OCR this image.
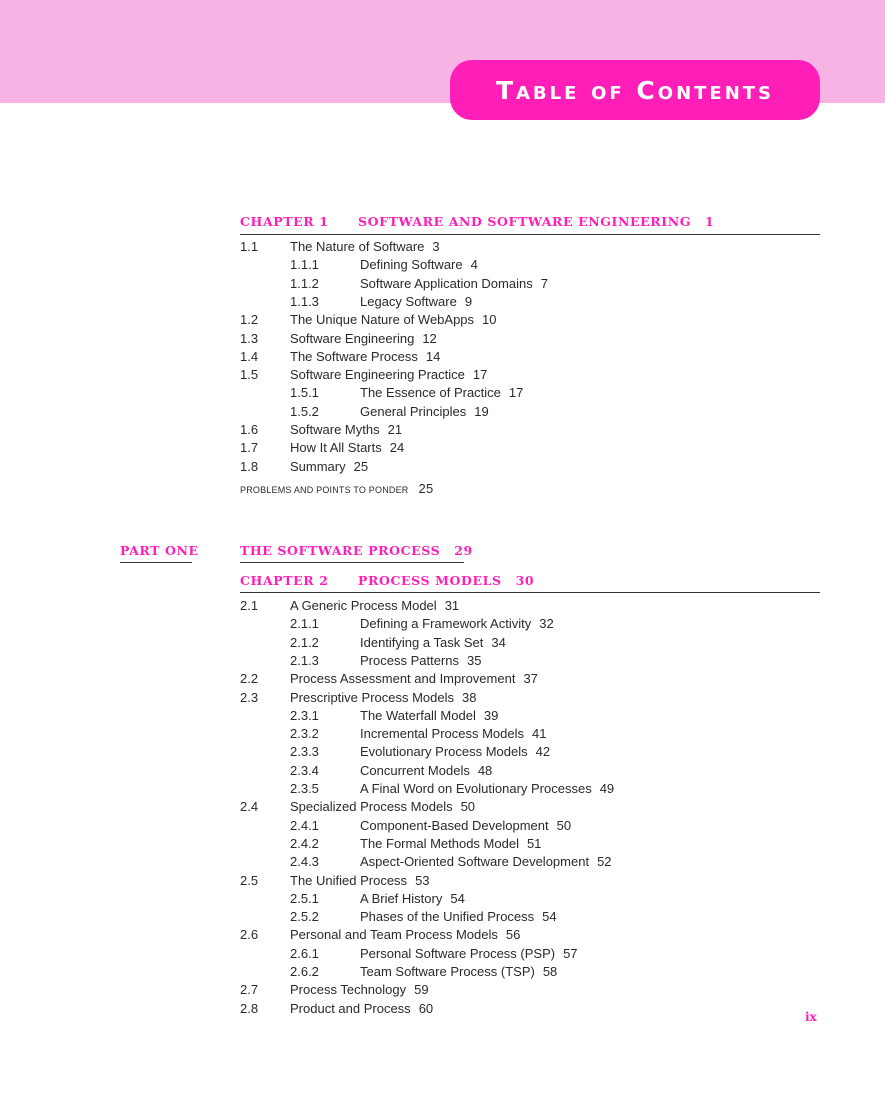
Table of Contents
CHAPTER 1 SOFTWARE AND SOFTWARE ENGINEERING 1
1.1 The Nature of Software 3
1.1.1	Defining Software 4
1.1.2	Software Application Domains 7
1.1.3	Legacy Software 9
1.2 The Unique Nature of WebApps 10
1.3 Software Engineering 12
1.4 The Software Process 14
1.5 Software Engineering Practice 17
1.5.1	The Essence of Practice 17
1.5.2	General Principles 19
1.6 Software Myths 21
1.7 How It All Starts 24
1.8 Summary 25
PROBLEMS AND POINTS TO PONDER 25
PART ONE	THE SOFTWARE PROCESS 29
CHAPTER 2 PROCESS MODELS 30
2.1 A Generic Process Model 31
2.1.1	Defining a Framework Activity 32
2.1.2	Identifying a Task Set 34
2.1.3	Process Patterns 35
2.2 Process Assessment and Improvement 37
2.3 Prescriptive Process Models 38
2.3.1	The Waterfall Model 39
2.3.2	Incremental Process Models 41
2.3.3	Evolutionary Process Models 42
2.3.4	Concurrent Models 48
2.3.5	A Final Word on Evolutionary Processes 49
2.4 Specialized Process Models 50
2.4.1	Component-Based Development 50
2.4.2	The Formal Methods Model 51
2.4.3	Aspect-Oriented Software Development 52
2.5 The Unified Process 53
2.5.1	A Brief History 54
2.5.2	Phases of the Unified Process 54
2.6 Personal and Team Process Models 56
2.6.1	Personal Software Process (PSP) 57
2.6.2	Team Software Process (TSP) 58
2.7 Process Technology 59
2.8 Product and Process 60
ix
